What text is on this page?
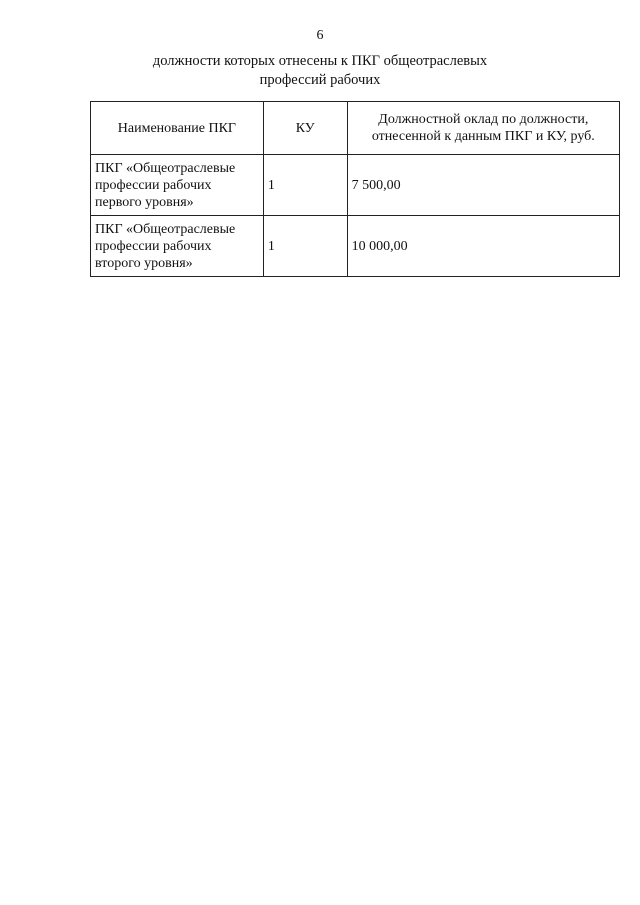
6
должности которых отнесены к ПКГ общеотраслевых
профессий рабочих
Наименование ПКГ	КУ	Должностной оклад по должности, отнесенной к данным ПКГ и КУ, руб.
ПКГ «Общеотраслевые профессии рабочих первого уровня»	1	7 500,00
ПКГ «Общеотраслевые профессии рабочих второго уровня»	1	10 000,00
